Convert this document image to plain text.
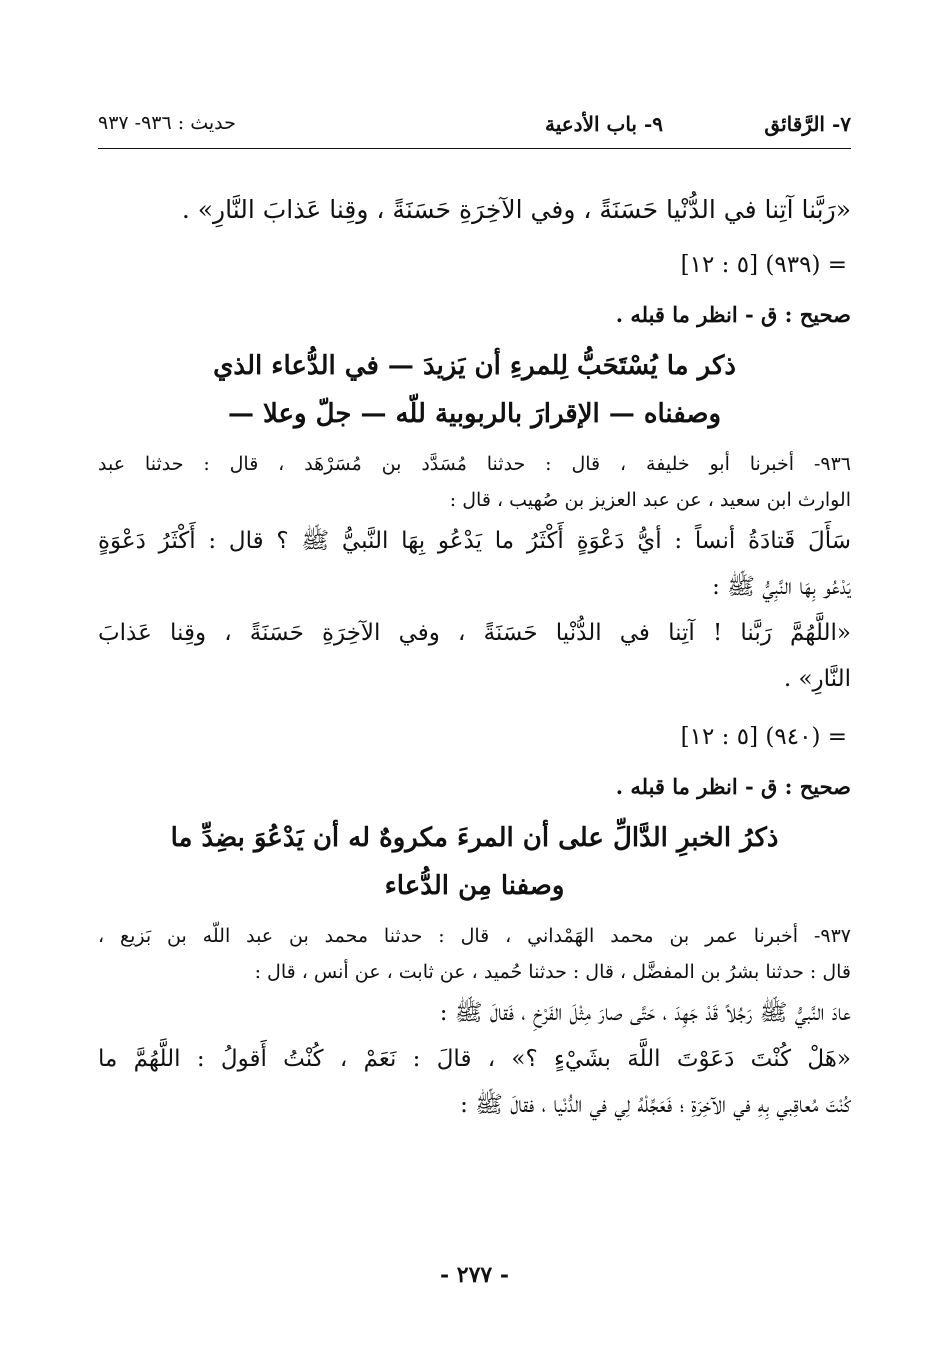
٧- الرَّقائق
٩- باب الأدعية
حديث : ٩٣٦- ٩٣٧
«رَبَّنا آتِنا في الدُّنْيا حَسَنَةً ، وفي الآخِرَةِ حَسَنَةً ، وقِنا عَذابَ النَّارِ» .
= (٩٣٩) [٥ : ١٢]
صحيح : ق - انظر ما قبله .
ذكر ما يُسْتَحَبُّ لِلمرءِ أن يَزيدَ — في الدُّعاء الذي
وصفناه — الإقرارَ بالربوبية للّه — جلّ وعلا —
٩٣٦- أخبرنا أبو خليفة ، قال : حدثنا مُسَدَّد بن مُسَرْهَد ، قال : حدثنا عبد
الوارث ابن سعيد ، عن عبد العزيز بن صُهيب ، قال :
سَأَلَ قَتادَةُ أنساً : أيُّ دَعْوَةٍ أَكْثَرُ ما يَدْعُو بِهَا النَّبيُّ ﷺ ؟ قال : أَكْثَرُ دَعْوَةٍ
يَدْعُو بِهَا النَّبِيُّ ﷺ :
«اللَّهُمَّ رَبَّنا ! آتِنا في الدُّنْيا حَسَنَةً ، وفي الآخِرَةِ حَسَنَةً ، وقِنا عَذابَ
النَّارِ» .
= (٩٤٠) [٥ : ١٢]
صحيح : ق - انظر ما قبله .
ذكرُ الخبرِ الدَّالِّ على أن المرءَ مكروهٌ له أن يَدْعُوَ بضِدِّ ما
وصفنا مِن الدُّعاء
٩٣٧- أخبرنا عمر بن محمد الهَمْداني ، قال : حدثنا محمد بن عبد اللّه بن بَزيع ،
قال : حدثنا بشرُ بن المفضَّل ، قال : حدثنا حُميد ، عن ثابت ، عن أنس ، قال :
عادَ النَّبيُّ ﷺ رَجُلاً قَدْ جَهِدَ ، حَتَّى صارَ مِثْلَ الفَرْخِ ، فَقالَ ﷺ :
«هَلْ كُنْتَ دَعَوْتَ اللَّهَ بشَيْءٍ ؟» ، قالَ : نَعَمْ ، كُنْتُ أَقولُ : اللَّهُمَّ ما
كُنْتَ مُعاقِبي بِهِ في الآخِرَةِ ؛ فَعَجِّلْهُ لِي في الدُّنْيا ، فقالَ ﷺ :
- ٢٧٧ -
